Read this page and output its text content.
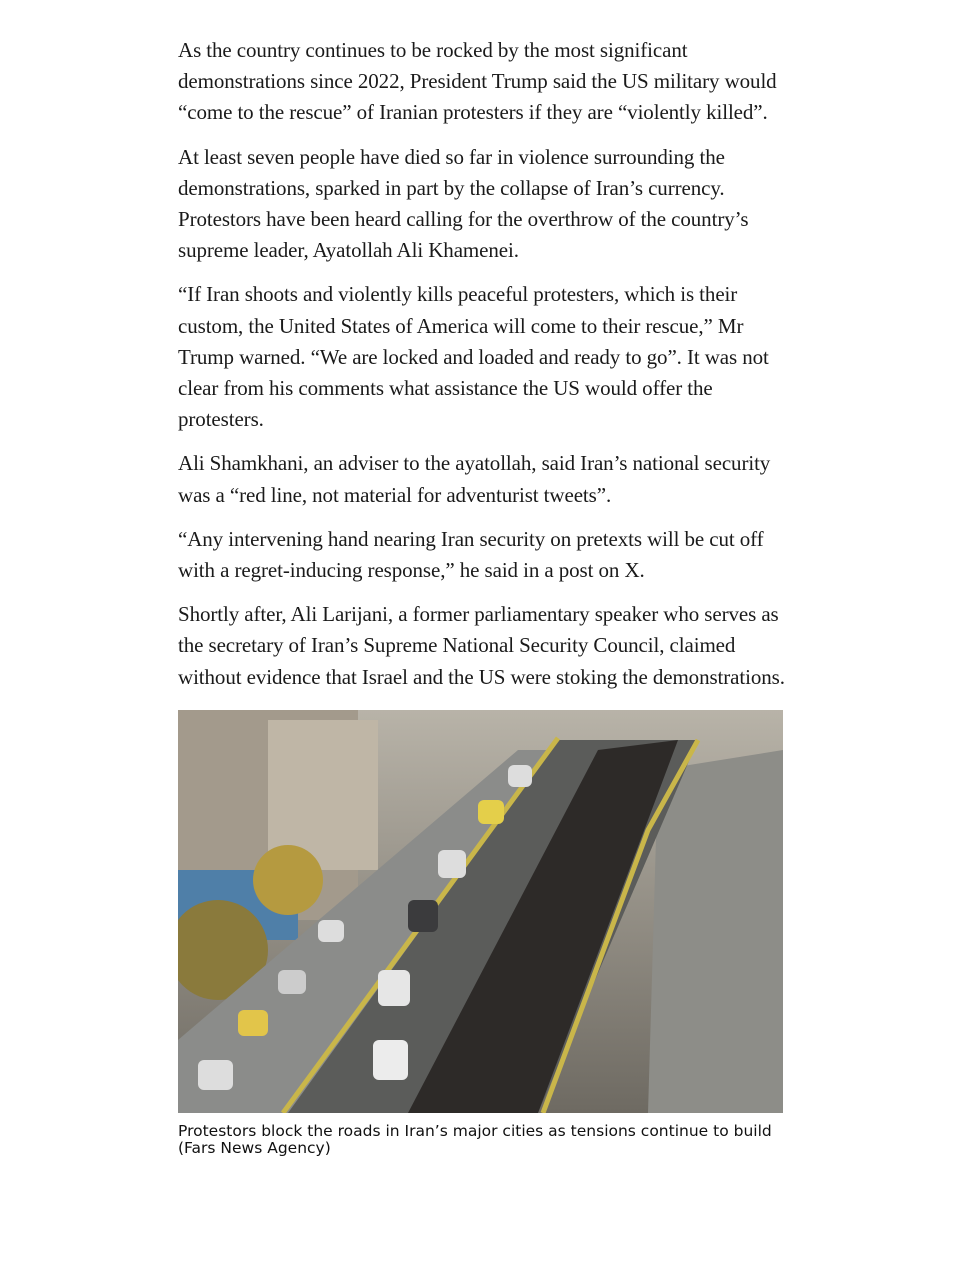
As the country continues to be rocked by the most significant demonstrations since 2022, President Trump said the US military would “come to the rescue” of Iranian protesters if they are “violently killed”.

At least seven people have died so far in violence surrounding the demonstrations, sparked in part by the collapse of Iran’s currency. Protestors have been heard calling for the overthrow of the country’s supreme leader, Ayatollah Ali Khamenei.

“If Iran shoots and violently kills peaceful protesters, which is their custom, the United States of America will come to their rescue,” Mr Trump warned. “We are locked and loaded and ready to go”. It was not clear from his comments what assistance the US would offer the protesters.

Ali Shamkhani, an adviser to the ayatollah, said Iran’s national security was a “red line, not material for adventurist tweets”.

“Any intervening hand nearing Iran security on pretexts will be cut off with a regret-inducing response,” he said in a post on X.

Shortly after, Ali Larijani, a former parliamentary speaker who serves as the secretary of Iran’s Supreme National Security Council, claimed without evidence that Israel and the US were stoking the demonstrations.

Protestors block the roads in Iran’s major cities as tensions continue to build (Fars News Agency)
